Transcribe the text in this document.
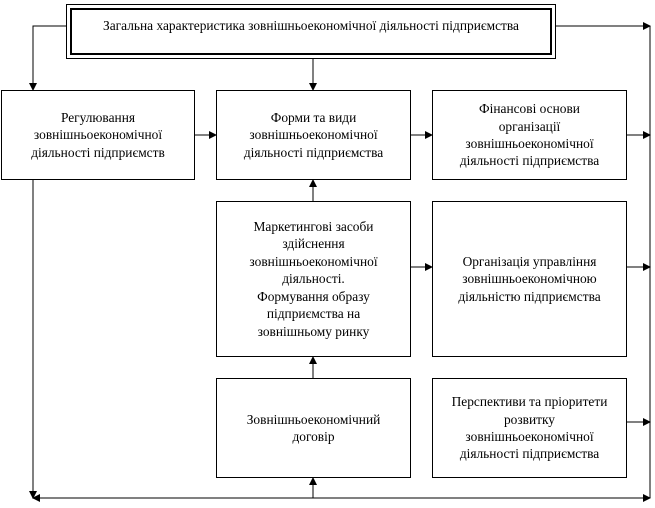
Загальна характеристика зовнішньоекономічної діяльності підприємства
Регулювання
зовнішньоекономічної
діяльності підприємств
Форми та види
зовнішньоекономічної
діяльності підприємства
Фінансові основи
організації
зовнішньоекономічної
діяльності підприємства
Маркетингові засоби
здійснення
зовнішньоекономічної
діяльності.
Формування образу
підприємства на
зовнішньому ринку
Організація управління
зовнішньоекономічною
діяльністю підприємства
Зовнішньоекономічний
договір
Перспективи та пріоритети
розвитку
зовнішньоекономічної
діяльності підприємства
